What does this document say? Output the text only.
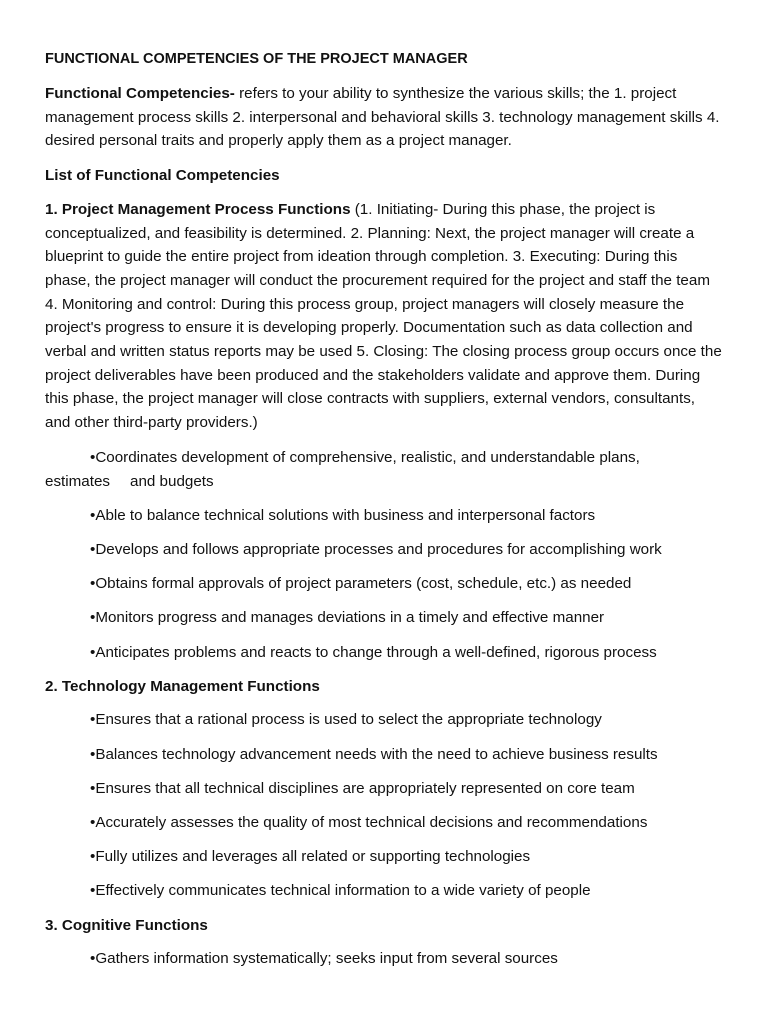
FUNCTIONAL COMPETENCIES OF THE PROJECT MANAGER

Functional Competencies- refers to your ability to synthesize the various skills; the 1. project management process skills 2. interpersonal and behavioral skills 3. technology management skills 4. desired personal traits and properly apply them as a project manager.

List of Functional Competencies

1. Project Management Process Functions (1. Initiating- During this phase, the project is conceptualized, and feasibility is determined. 2. Planning: Next, the project manager will create a blueprint to guide the entire project from ideation through completion. 3. Executing: During this phase, the project manager will conduct the procurement required for the project and staff the team 4. Monitoring and control: During this process group, project managers will closely measure the project's progress to ensure it is developing properly. Documentation such as data collection and verbal and written status reports may be used 5. Closing: The closing process group occurs once the project deliverables have been produced and the stakeholders validate and approve them. During this phase, the project manager will close contracts with suppliers, external vendors, consultants, and other third-party providers.)

•Coordinates development of comprehensive, realistic, and understandable plans,

estimates and budgets

•Able to balance technical solutions with business and interpersonal factors

•Develops and follows appropriate processes and procedures for accomplishing work

•Obtains formal approvals of project parameters (cost, schedule, etc.) as needed

•Monitors progress and manages deviations in a timely and effective manner

•Anticipates problems and reacts to change through a well-defined, rigorous process

2. Technology Management Functions

•Ensures that a rational process is used to select the appropriate technology

•Balances technology advancement needs with the need to achieve business results

•Ensures that all technical disciplines are appropriately represented on core team

•Accurately assesses the quality of most technical decisions and recommendations

•Fully utilizes and leverages all related or supporting technologies

•Effectively communicates technical information to a wide variety of people

3. Cognitive Functions

•Gathers information systematically; seeks input from several sources
